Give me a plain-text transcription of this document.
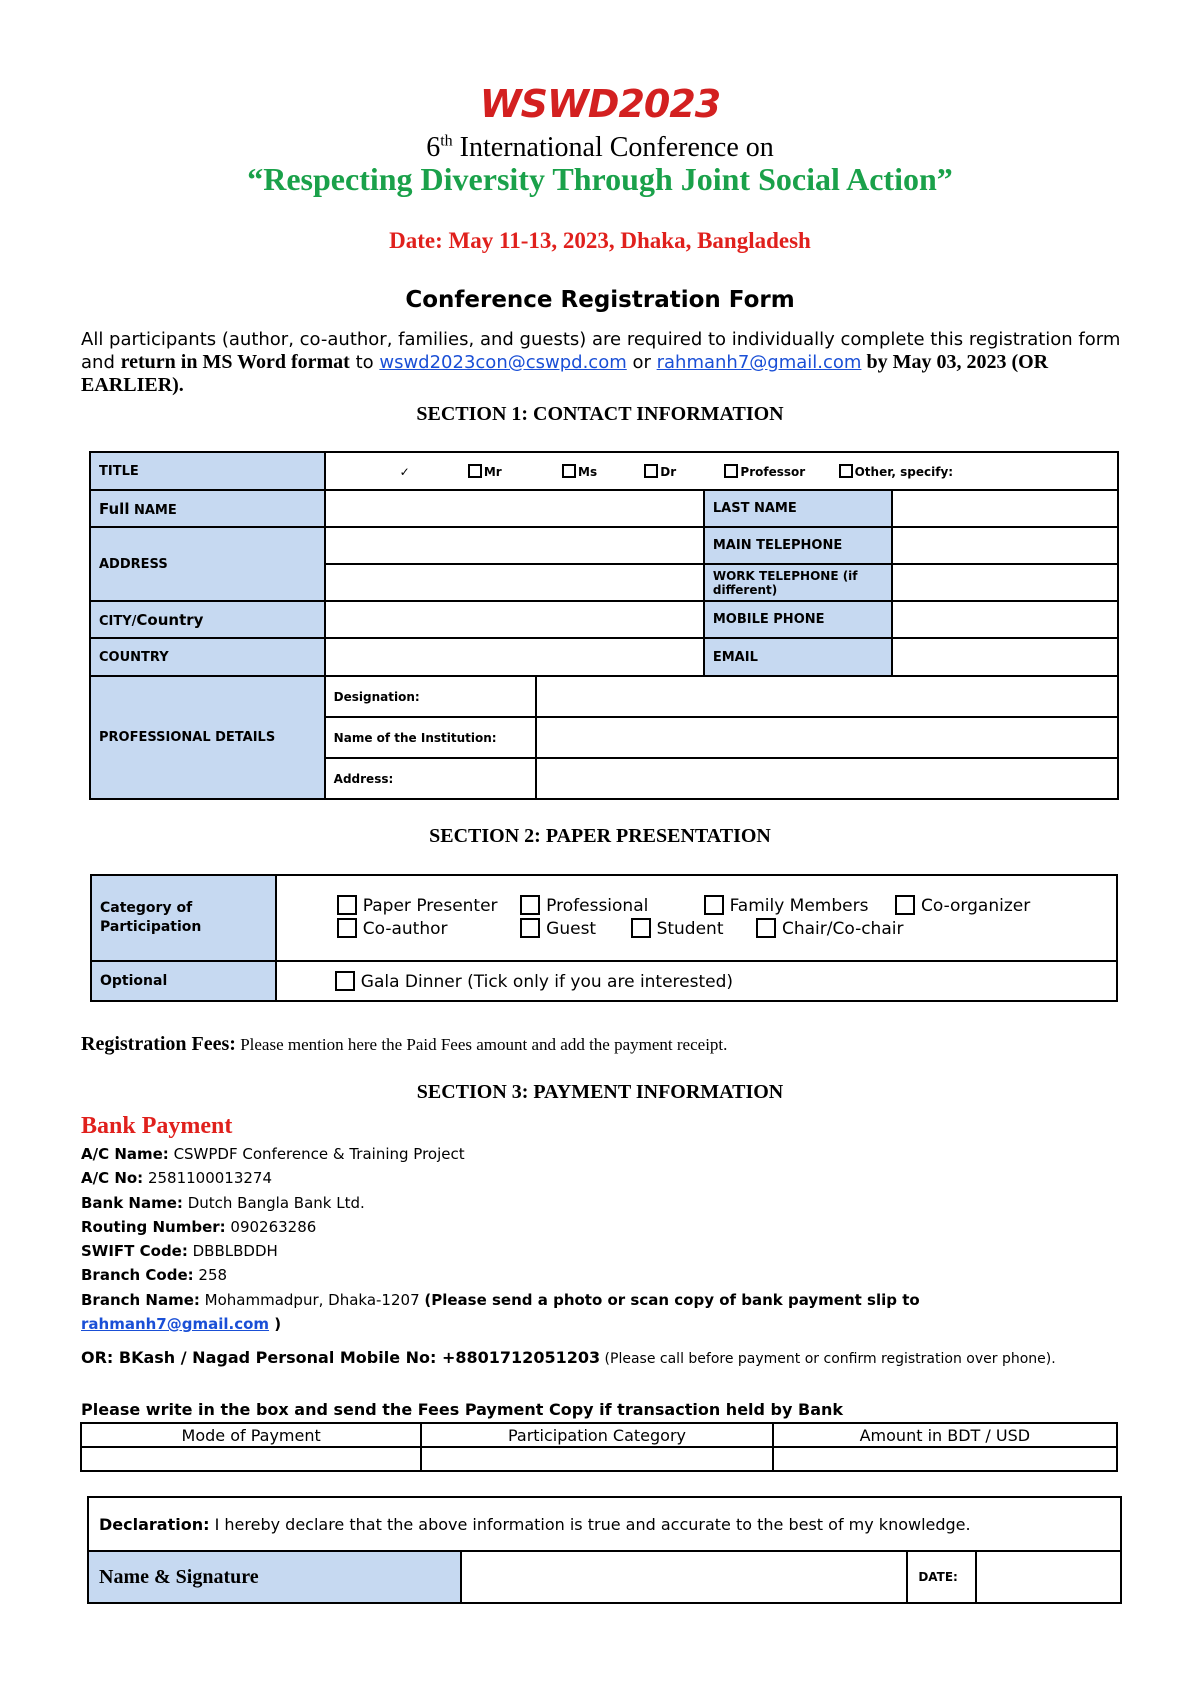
WSWD2023
6th International Conference on
“Respecting Diversity Through Joint Social Action”
Date: May 11-13, 2023, Dhaka, Bangladesh
Conference Registration Form
All participants (author, co-author, families, and guests) are required to individually complete this registration form and return in MS Word format to wswd2023con@cswpd.com or rahmanh7@gmail.com by May 03, 2023 (OR EARLIER).
SECTION 1: CONTACT INFORMATION
TITLE	✓ Mr Ms Dr Professor Other, specify:			
Full NAME			LAST NAME	
ADDRESS			MAIN TELEPHONE	
			WORK TELEPHONE (if different)	
CITY/Country			MOBILE PHONE	
COUNTRY			EMAIL	
PROFESSIONAL DETAILS	Designation:			
	Name of the Institution:			
	Address:			
SECTION 2: PAPER PRESENTATION
Category of Participation	Paper Presenter Professional Family Members Co-organizer
Co-author Guest Student Chair/Co-chair

Optional	Gala Dinner (Tick only if you are interested)
Registration Fees: Please mention here the Paid Fees amount and add the payment receipt.
SECTION 3: PAYMENT INFORMATION
Bank Payment
A/C Name: CSWPDF Conference & Training Project
A/C No: 2581100013274
Bank Name: Dutch Bangla Bank Ltd.
Routing Number: 090263286
SWIFT Code: DBBLBDDH
Branch Code: 258
Branch Name: Mohammadpur, Dhaka-1207 (Please send a photo or scan copy of bank payment slip to
rahmanh7@gmail.com )
OR: BKash / Nagad Personal Mobile No: +8801712051203 (Please call before payment or confirm registration over phone).
Please write in the box and send the Fees Payment Copy if transaction held by Bank
Mode of Payment	Participation Category	Amount in BDT / USD

Declaration: I hereby declare that the above information is true and accurate to the best of my knowledge.
Name & Signature		DATE:	
